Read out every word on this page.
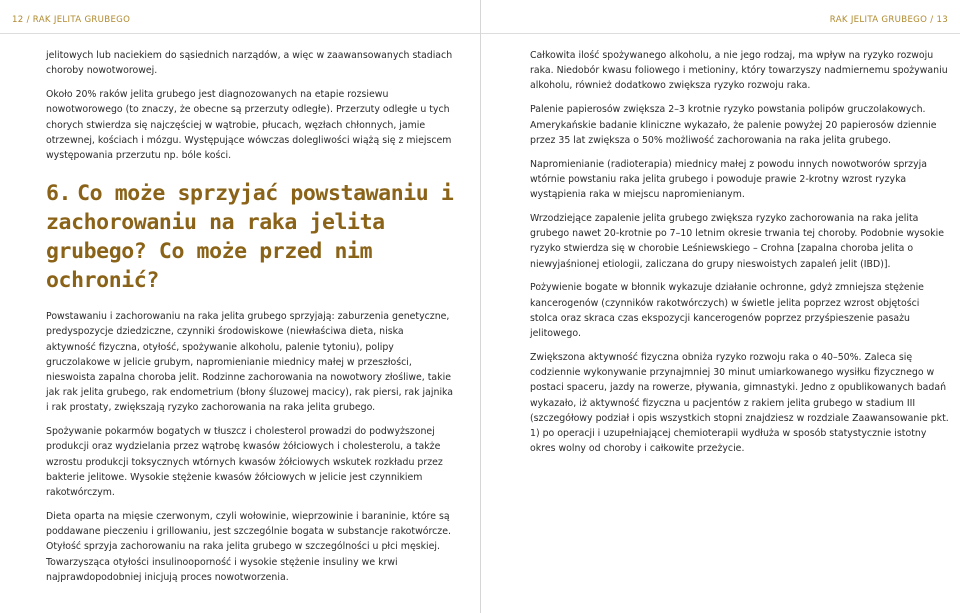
12 / RAK JELITA GRUBEGO

jelitowych lub naciekiem do sąsiednich narządów, a więc w zaawansowanych stadiach choroby nowotworowej.

Około 20% raków jelita grubego jest diagnozowanych na etapie rozsiewu nowotworowego (to znaczy, że obecne są przerzuty odległe). Przerzuty odległe u tych chorych stwierdza się najczęściej w wątrobie, płucach, węzłach chłonnych, jamie otrzewnej, kościach i mózgu. Występujące wówczas dolegliwości wiążą się z miejscem występowania przerzutu np. bóle kości.

6. Co może sprzyjać powstawaniu i zachorowaniu na raka jelita grubego? Co może przed nim ochronić?

Powstawaniu i zachorowaniu na raka jelita grubego sprzyjają: zaburzenia genetyczne, predyspozycje dziedziczne, czynniki środowiskowe (niewłaściwa dieta, niska aktywność fizyczna, otyłość, spożywanie alkoholu, palenie tytoniu), polipy gruczolakowe w jelicie grubym, napromienianie miednicy małej w przeszłości, nieswoista zapalna choroba jelit. Rodzinne zachorowania na nowotwory złośliwe, takie jak rak jelita grubego, rak endometrium (błony śluzowej macicy), rak piersi, rak jajnika i rak prostaty, zwiększają ryzyko zachorowania na raka jelita grubego.

Spożywanie pokarmów bogatych w tłuszcz i cholesterol prowadzi do podwyższonej produkcji oraz wydzielania przez wątrobę kwasów żółciowych i cholesterolu, a także wzrostu produkcji toksycznych wtórnych kwasów żółciowych wskutek rozkładu przez bakterie jelitowe. Wysokie stężenie kwasów żółciowych w jelicie jest czynnikiem rakotwórczym.

Dieta oparta na mięsie czerwonym, czyli wołowinie, wieprzowinie i baraninie, które są poddawane pieczeniu i grillowaniu, jest szczególnie bogata w substancje rakotwórcze. Otyłość sprzyja zachorowaniu na raka jelita grubego w szczególności u płci męskiej. Towarzysząca otyłości insulinooporność i wysokie stężenie insuliny we krwi najprawdopodobniej inicjują proces nowotworzenia.

RAK JELITA GRUBEGO / 13

Całkowita ilość spożywanego alkoholu, a nie jego rodzaj, ma wpływ na ryzyko rozwoju raka. Niedobór kwasu foliowego i metioniny, który towarzyszy nadmiernemu spożywaniu alkoholu, również dodatkowo zwiększa ryzyko rozwoju raka.

Palenie papierosów zwiększa 2–3 krotnie ryzyko powstania polipów gruczolakowych. Amerykańskie badanie kliniczne wykazało, że palenie powyżej 20 papierosów dziennie przez 35 lat zwiększa o 50% możliwość zachorowania na raka jelita grubego.

Napromienianie (radioterapia) miednicy małej z powodu innych nowotworów sprzyja wtórnie powstaniu raka jelita grubego i powoduje prawie 2-krotny wzrost ryzyka wystąpienia raka w miejscu napromienianym.

Wrzodziejące zapalenie jelita grubego zwiększa ryzyko zachorowania na raka jelita grubego nawet 20-krotnie po 7–10 letnim okresie trwania tej choroby. Podobnie wysokie ryzyko stwierdza się w chorobie Leśniewskiego – Crohna [zapalna choroba jelita o niewyjaśnionej etiologii, zaliczana do grupy nieswoistych zapaleń jelit (IBD)].

Pożywienie bogate w błonnik wykazuje działanie ochronne, gdyż zmniejsza stężenie kancerogenów (czynników rakotwórczych) w świetle jelita poprzez wzrost objętości stolca oraz skraca czas ekspozycji kancerogenów poprzez przyśpieszenie pasażu jelitowego.

Zwiększona aktywność fizyczna obniża ryzyko rozwoju raka o 40–50%. Zaleca się codziennie wykonywanie przynajmniej 30 minut umiarkowanego wysiłku fizycznego w postaci spaceru, jazdy na rowerze, pływania, gimnastyki. Jedno z opublikowanych badań wykazało, iż aktywność fizyczna u pacjentów z rakiem jelita grubego w stadium III (szczegółowy podział i opis wszystkich stopni znajdziesz w rozdziale Zaawansowanie pkt. 1) po operacji i uzupełniającej chemioterapii wydłuża w sposób statystycznie istotny okres wolny od choroby i całkowite przeżycie.
